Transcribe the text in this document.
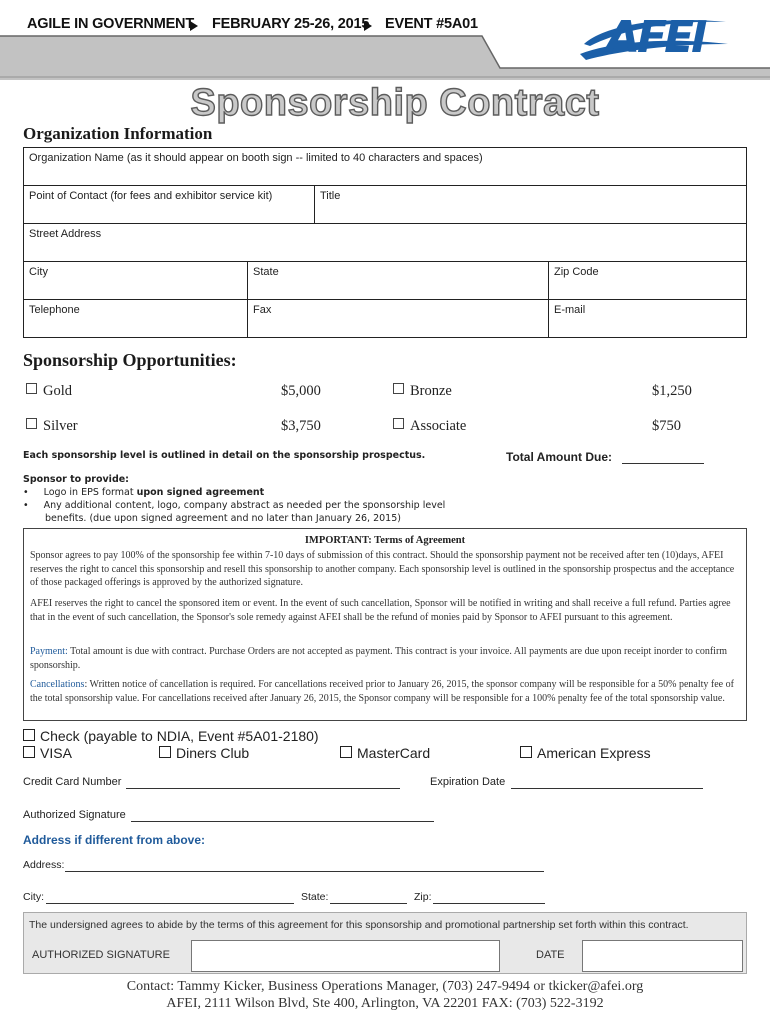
AGILE IN GOVERNMENT FEBRUARY 25-26, 2015 EVENT #5A01	AFEI
Sponsorship Contract
Organization Information
Organization Name (as it should appear on booth sign -- limited to 40 characters and spaces)
Point of Contact (for fees and exhibitor service kit)	Title
Street Address
City	State	Zip Code
Telephone	Fax	E-mail
Sponsorship Opportunities:
Gold	$5,000	Bronze	$1,250
Silver	$3,750	Associate	$750
Each sponsorship level is outlined in detail on the sponsorship prospectus.	Total Amount Due:
Sponsor to provide:
• Logo in EPS format upon signed agreement
• Any additional content, logo, company abstract as needed per the sponsorship level
benefits. (due upon signed agreement and no later than January 26, 2015)
IMPORTANT: Terms of Agreement
Sponsor agrees to pay 100% of the sponsorship fee within 7-10 days of submission of this contract. Should the sponsorship payment not be received after ten (10)days, AFEI reserves the right to cancel this sponsorship and resell this sponsorship to another company. Each sponsorship level is outlined in the sponsorship prospectus and the acceptance of those packaged offerings is approved by the authorized signature.
AFEI reserves the right to cancel the sponsored item or event. In the event of such cancellation, Sponsor will be notified in writing and shall receive a full refund. Parties agree that in the event of such cancellation, the Sponsor's sole remedy against AFEI shall be the refund of monies paid by Sponsor to AFEI pursuant to this agreement.
Payment: Total amount is due with contract. Purchase Orders are not accepted as payment. This contract is your invoice. All payments are due upon receipt inorder to confirm sponsorship.
Cancellations: Written notice of cancellation is required. For cancellations received prior to January 26, 2015, the sponsor company will be responsible for a 50% penalty fee of the total sponsorship value. For cancellations received after January 26, 2015, the Sponsor company will be responsible for a 100% penalty fee of the total sponsorship value.
Check (payable to NDIA, Event #5A01-2180)
VISA	Diners Club	MasterCard	American Express
Credit Card Number	Expiration Date
Authorized Signature
Address if different from above:
Address:
City:	State:	Zip:
The undersigned agrees to abide by the terms of this agreement for this sponsorship and promotional partnership set forth within this contract.
AUTHORIZED SIGNATURE	DATE
Contact: Tammy Kicker, Business Operations Manager, (703) 247-9494 or tkicker@afei.org
AFEI, 2111 Wilson Blvd, Ste 400, Arlington, VA 22201 FAX: (703) 522-3192
